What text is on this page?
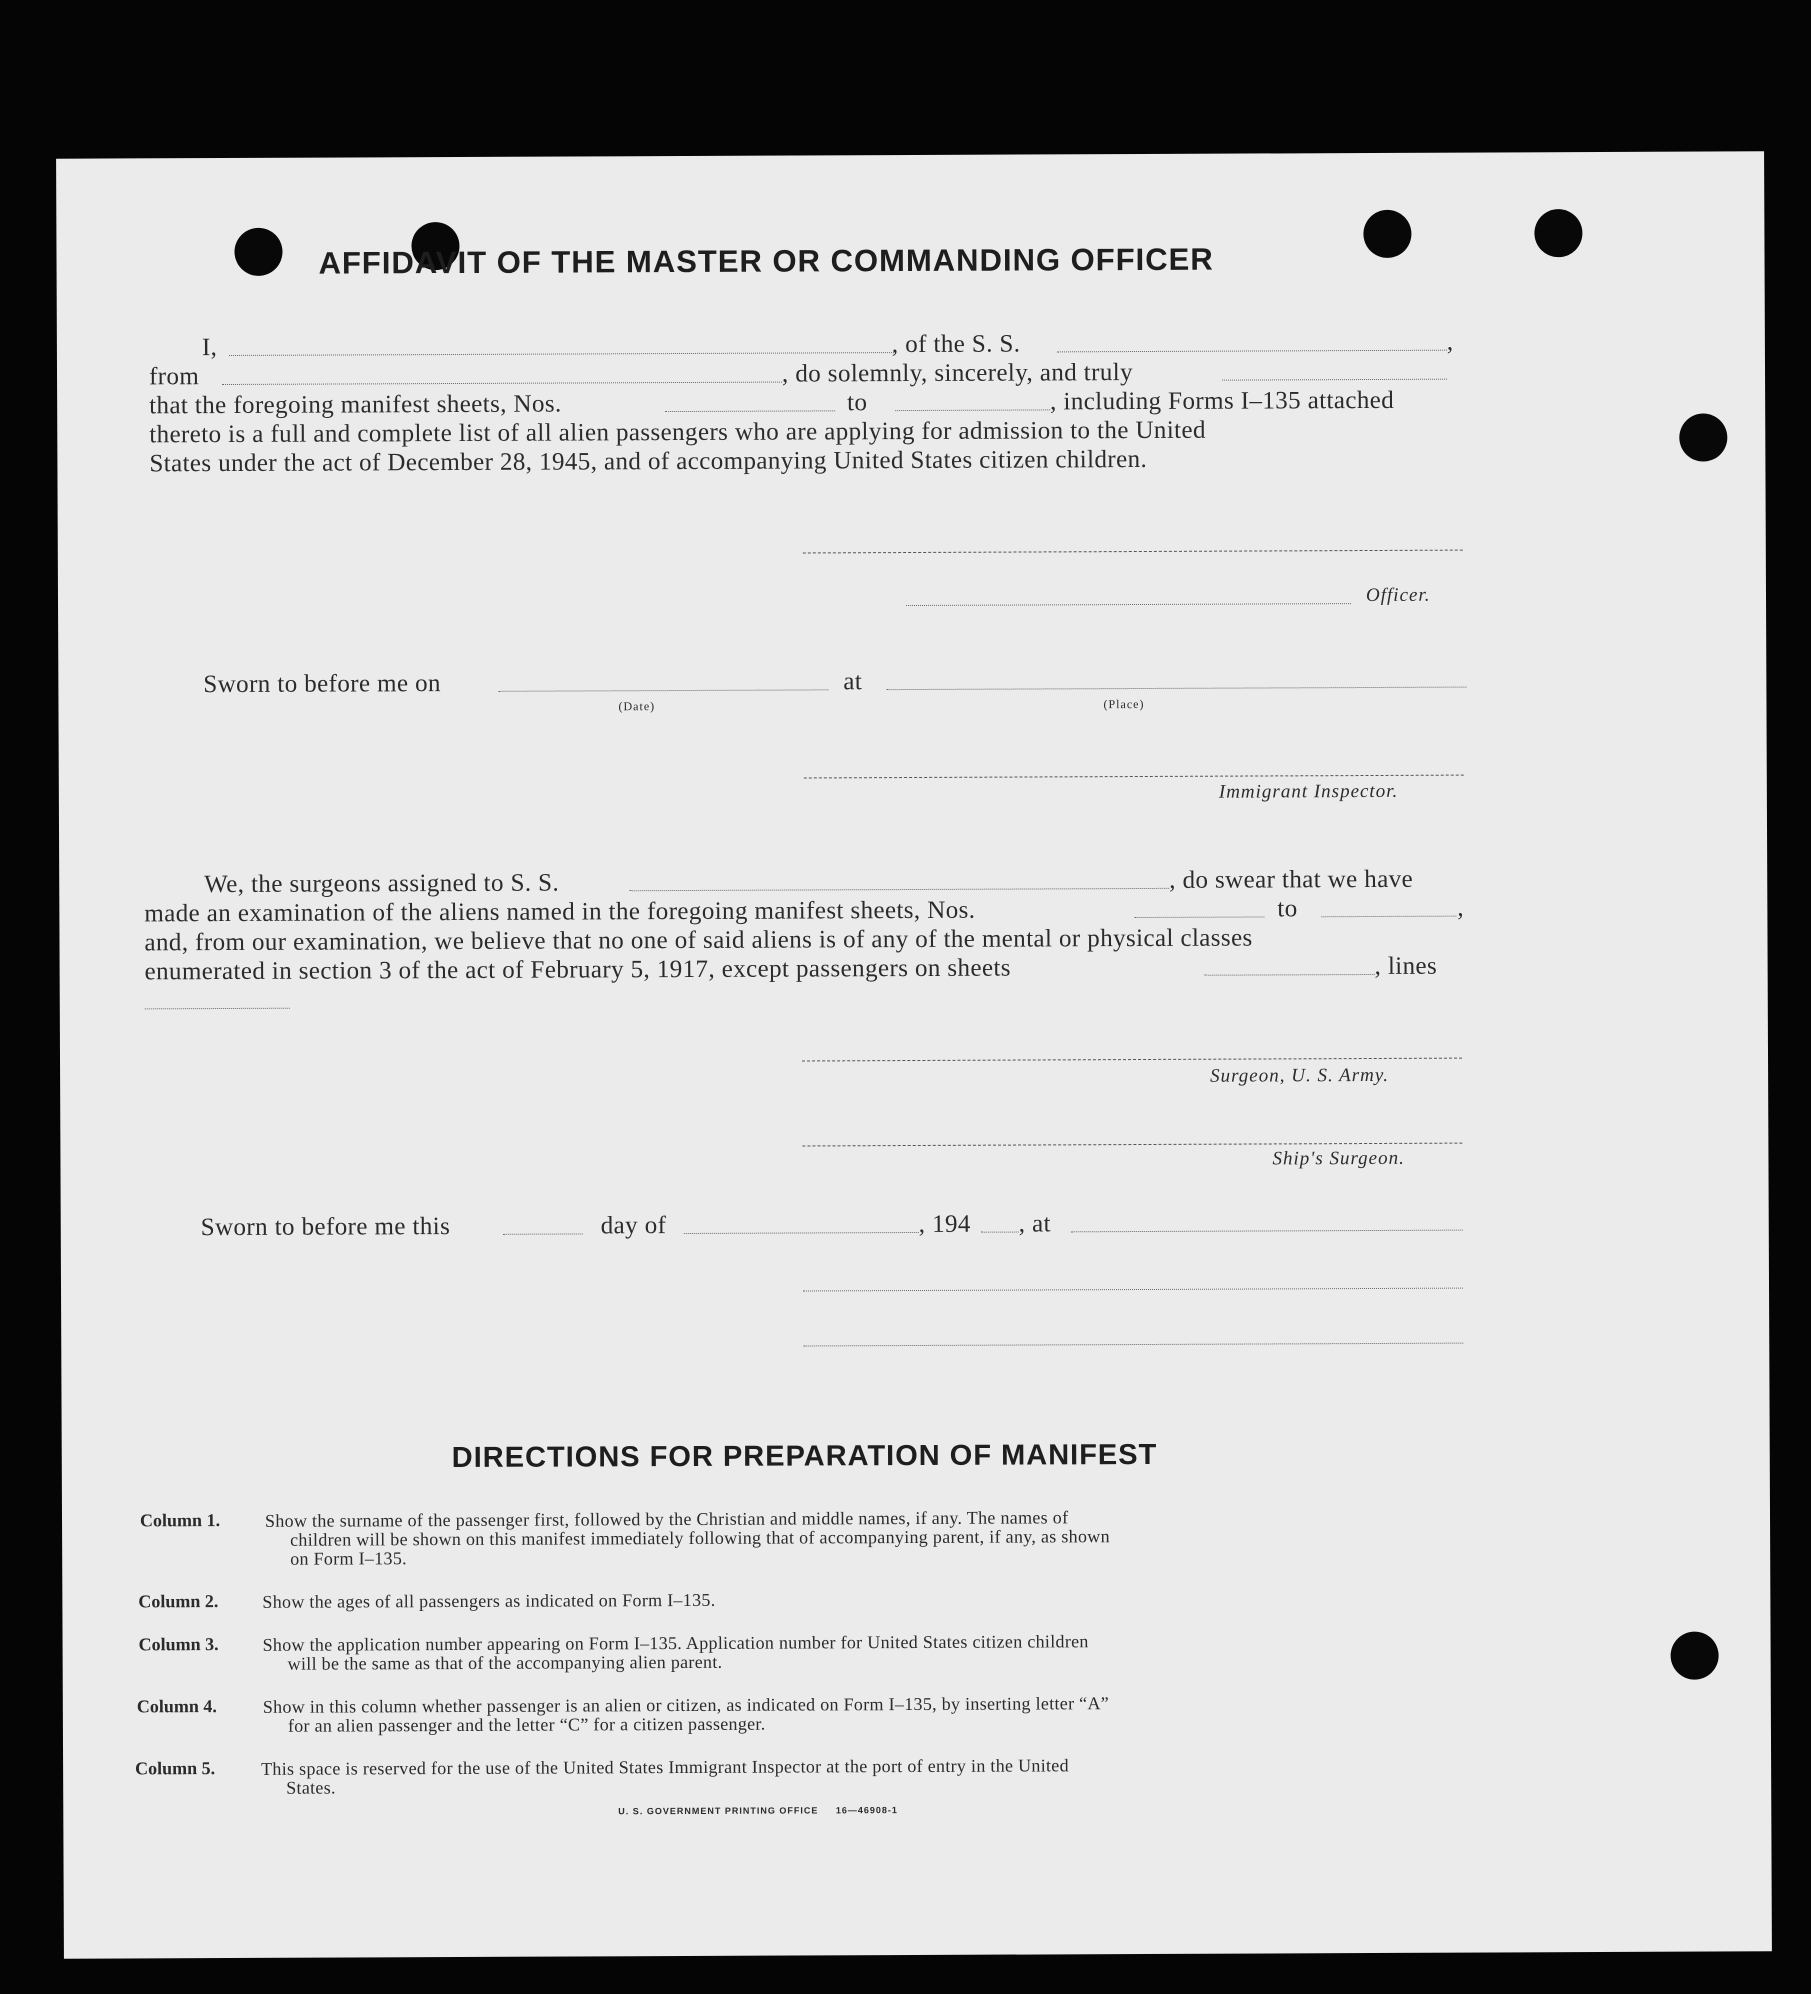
AFFIDAVIT OF THE MASTER OR COMMANDING OFFICER
I,	, of the S. S.	,
from	, do solemnly, sincerely, and truly
that the foregoing manifest sheets, Nos.	to	, including Forms I–135 attached
thereto is a full and complete list of all alien passengers who are applying for admission to the United
States under the act of December 28, 1945, and of accompanying United States citizen children.
Officer.
Sworn to before me on
(Date)
at
(Place)
Immigrant Inspector.
We, the surgeons assigned to S. S.	, do swear that we have
made an examination of the aliens named in the foregoing manifest sheets, Nos.	to	,
and, from our examination, we believe that no one of said aliens is of any of the mental or physical classes
enumerated in section 3 of the act of February 5, 1917, except passengers on sheets	, lines
Surgeon, U. S. Army.
Ship's Surgeon.
Sworn to before me this	day of	, 194 , at
DIRECTIONS FOR PREPARATION OF MANIFEST
Column 1. Show the surname of the passenger first, followed by the Christian and middle names, if any. The names of
children will be shown on this manifest immediately following that of accompanying parent, if any, as shown
on Form I–135.
Column 2. Show the ages of all passengers as indicated on Form I–135.
Column 3. Show the application number appearing on Form I–135. Application number for United States citizen children
will be the same as that of the accompanying alien parent.
Column 4.	Show in this column whether passenger is an alien or citizen, as indicated on Form I–135, by inserting letter “A”
for an alien passenger and the letter “C” for a citizen passenger.
Column 5.	This space is reserved for the use of the United States Immigrant Inspector at the port of entry in the United
States.
U. S. GOVERNMENT PRINTING OFFICE     16—46908-1
